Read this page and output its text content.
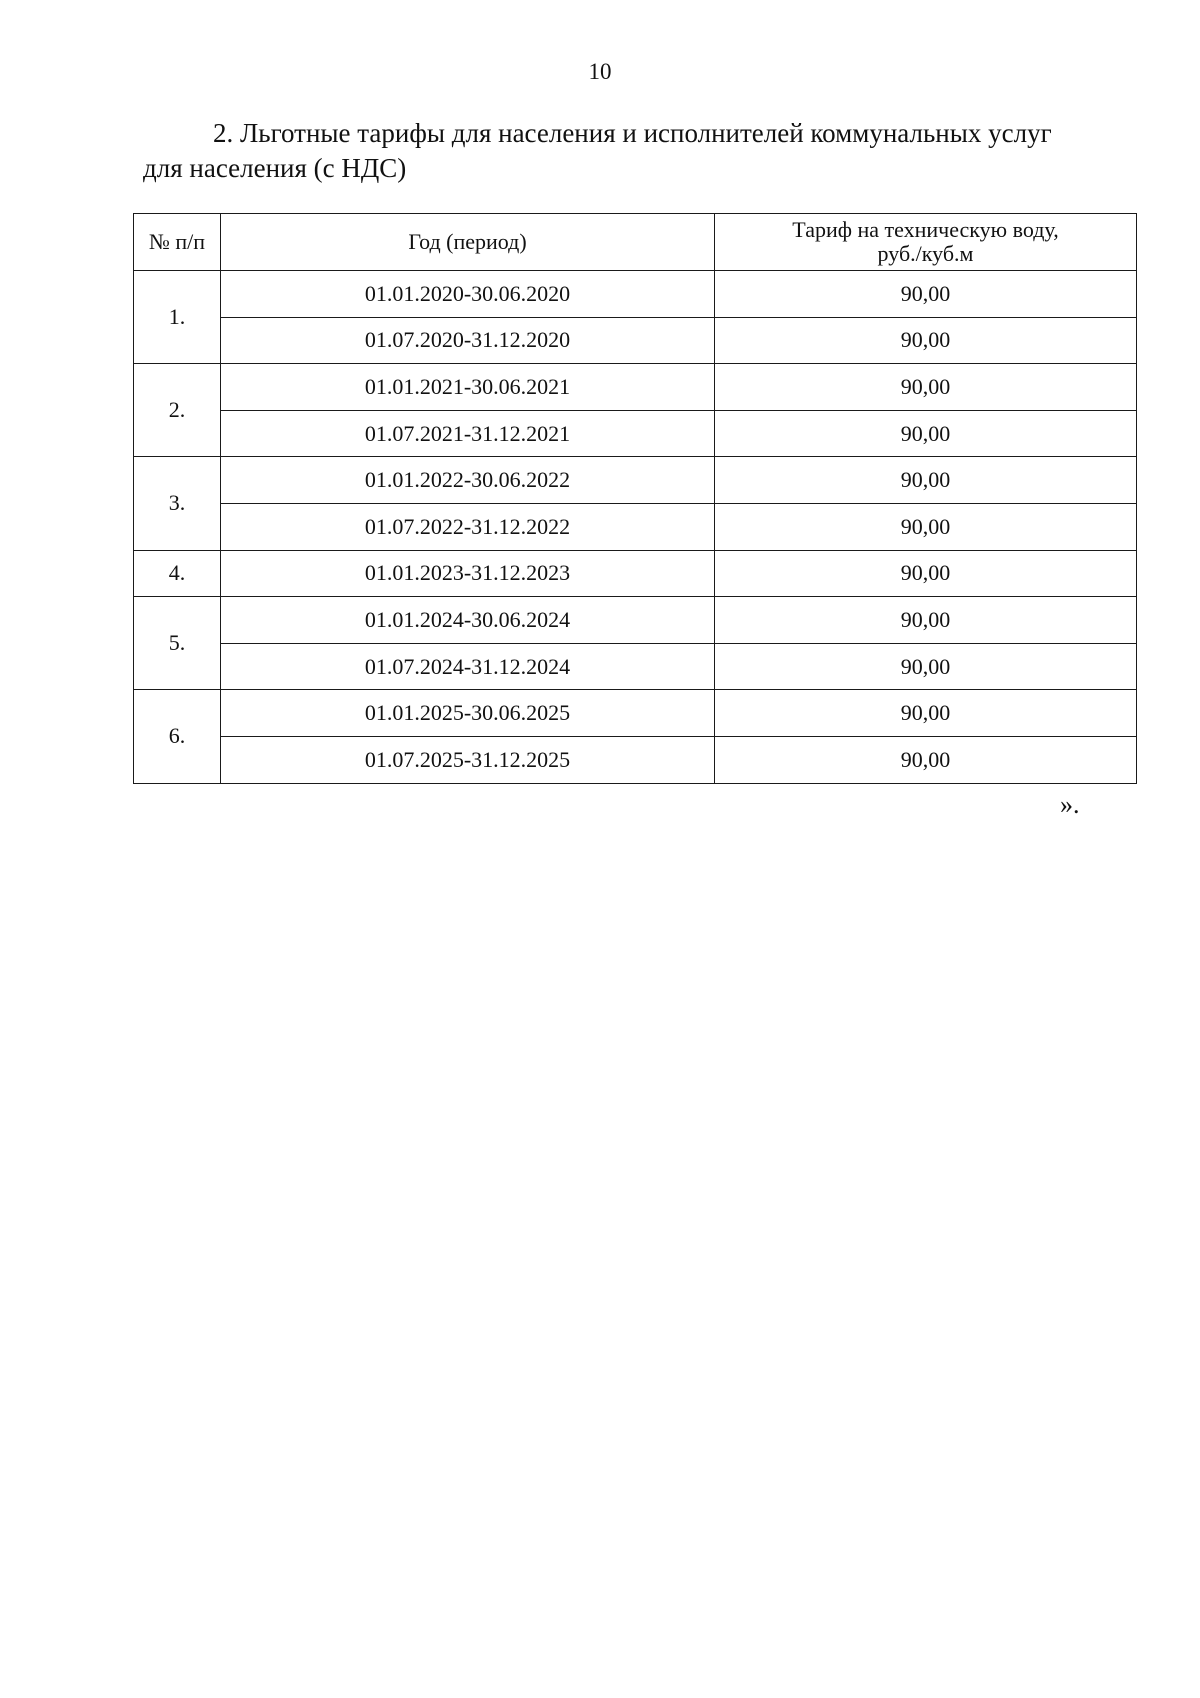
10
2. Льготные тарифы для населения и исполнителей коммунальных услуг
для населения (с НДС)
№ п/п	Год (период)	Тариф на техническую воду,
руб./куб.м
1.	01.01.2020-30.06.2020	90,00
	01.07.2020-31.12.2020	90,00
2.	01.01.2021-30.06.2021	90,00
	01.07.2021-31.12.2021	90,00
3.	01.01.2022-30.06.2022	90,00
	01.07.2022-31.12.2022	90,00
4.	01.01.2023-31.12.2023	90,00
5.	01.01.2024-30.06.2024	90,00
	01.07.2024-31.12.2024	90,00
6.	01.01.2025-30.06.2025	90,00
	01.07.2025-31.12.2025	90,00
».
